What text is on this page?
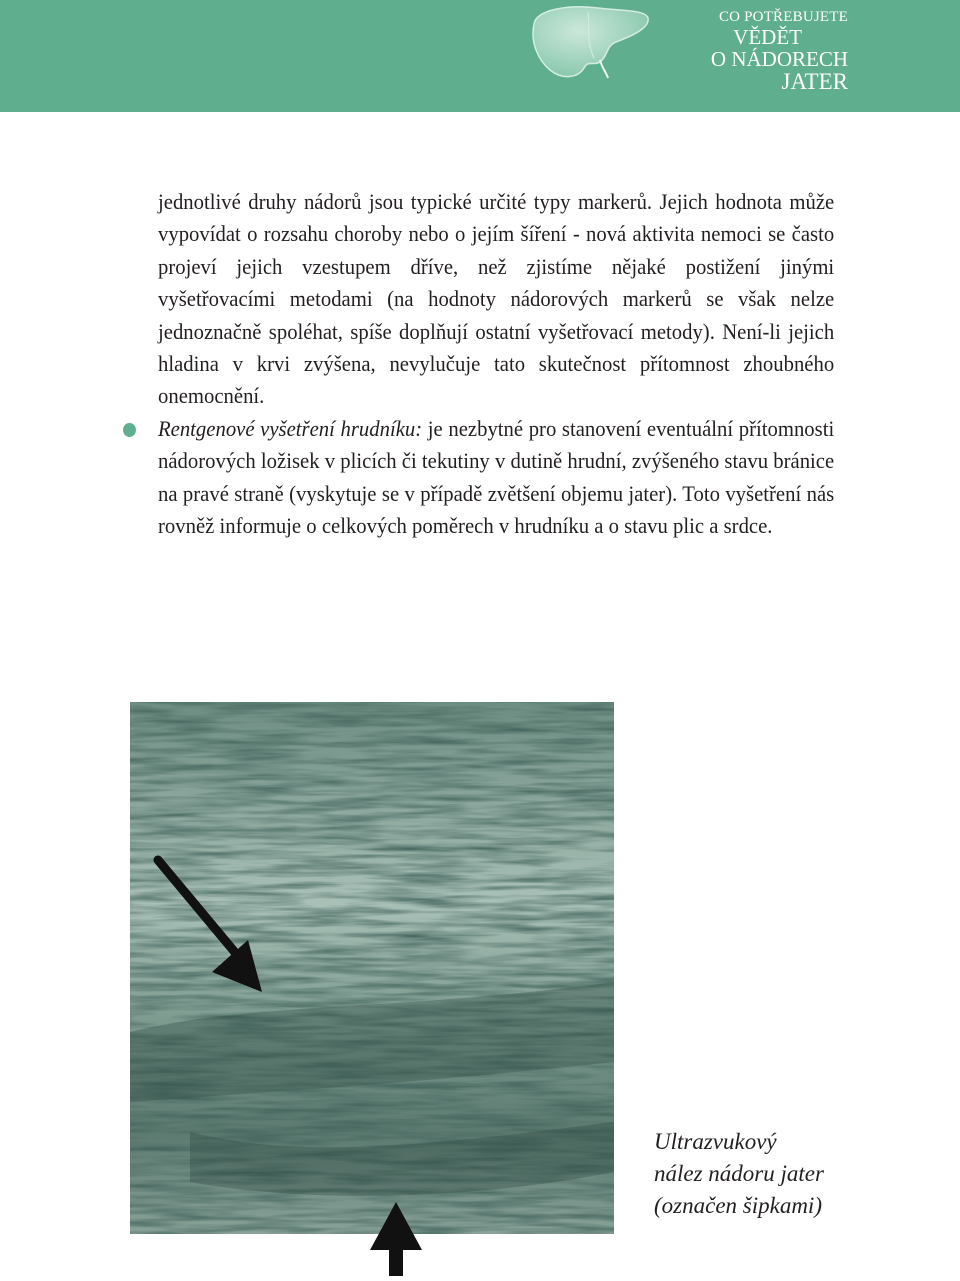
CO POTŘEBUJETE
VĚDĚT
O NÁDORECH
JATER

jednotlivé druhy nádorů jsou typické určité typy markerů. Jejich hodnota může vypovídat o rozsahu choroby nebo o jejím šíření - nová aktivita nemoci se často projeví jejich vzestupem dříve, než zjistíme nějaké postižení jinými vyšetřovacími metodami (na hodnoty nádorových markerů se však nelze jednoznačně spoléhat, spíše doplňují ostatní vyšetřovací metody). Není-li jejich hladina v krvi zvýšena, nevylučuje tato skutečnost přítomnost zhoubného onemocnění.

Rentgenové vyšetření hrudníku: je nezbytné pro stanovení eventuální přítomnosti nádorových ložisek v plicích či tekutiny v dutině hrudní, zvýšeného stavu bránice na pravé straně (vyskytuje se v případě zvětšení objemu jater). Toto vyšetření nás rovněž informuje o celkových poměrech v hrudníku a o stavu plic a srdce.

Ultrazvukový
nález nádoru jater
(označen šipkami)
